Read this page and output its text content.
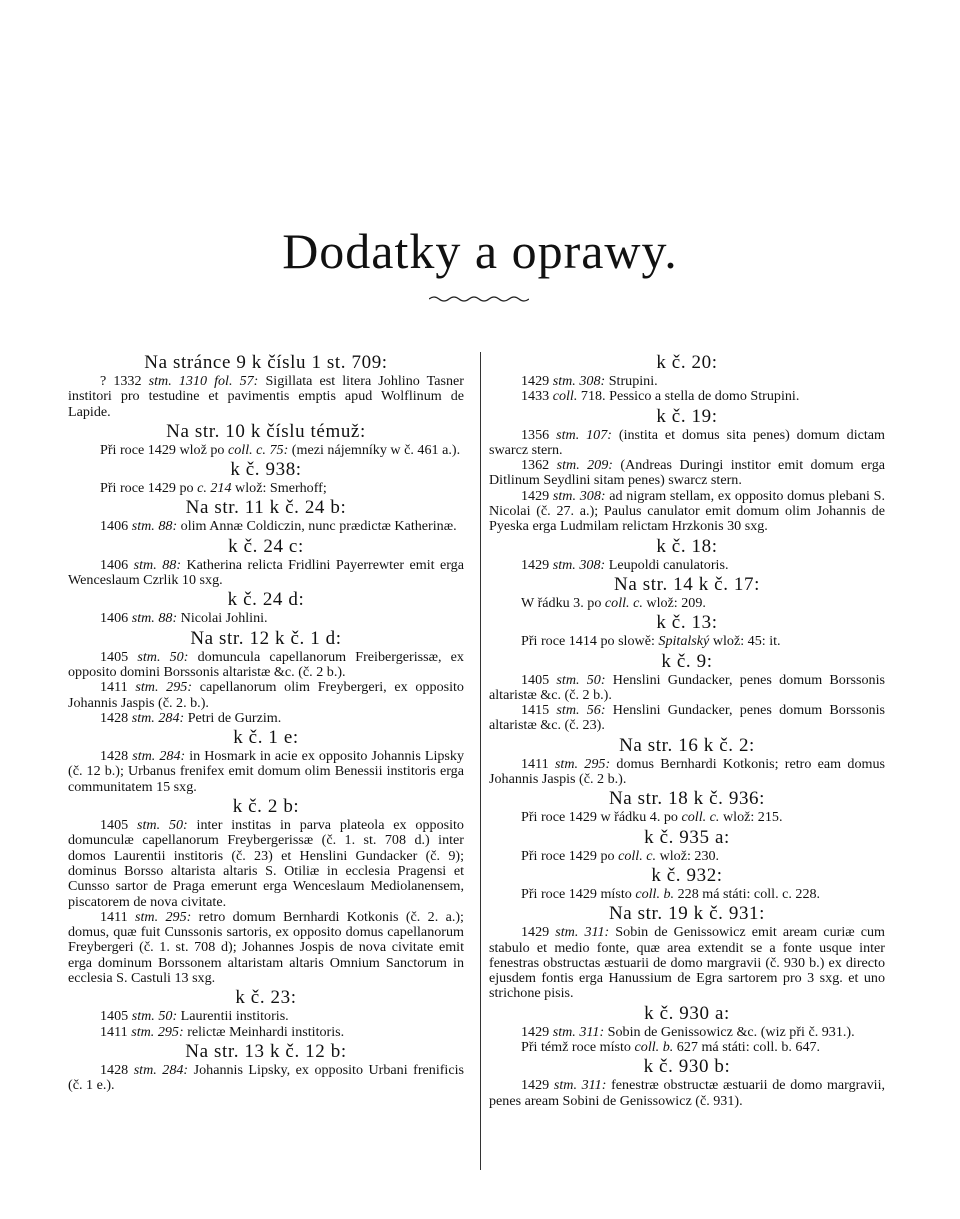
Dodatky a oprawy.
Na stránce 9 k číslu 1 st. 709:

? 1332 stm. 1310 fol. 57: Sigillata est litera Johlino Tasner institori pro testudine et pavimentis emptis apud Wolflinum de Lapide.

Na str. 10 k číslu témuž:

Při roce 1429 wlož po coll. c. 75: (mezi nájemníky w č. 461 a.).

k č. 938:

Při roce 1429 po c. 214 wlož: Smerhoff;

Na str. 11 k č. 24 b:

1406 stm. 88: olim Annæ Coldiczin, nunc prædictæ Katherinæ.

k č. 24 c:

1406 stm. 88: Katherina relicta Fridlini Payerrewter emit erga Wenceslaum Czrlik 10 sxg.

k č. 24 d:

1406 stm. 88: Nicolai Johlini.

Na str. 12 k č. 1 d:

1405 stm. 50: domuncula capellanorum Freibergerissæ, ex opposito domini Borssonis altaristæ &c. (č. 2 b.).

1411 stm. 295: capellanorum olim Freybergeri, ex opposito Johannis Jaspis (č. 2. b.).

1428 stm. 284: Petri de Gurzim.

k č. 1 e:

1428 stm. 284: in Hosmark in acie ex opposito Johannis Lipsky (č. 12 b.); Urbanus frenifex emit domum olim Benessii institoris erga communitatem 15 sxg.

k č. 2 b:

1405 stm. 50: inter institas in parva plateola ex opposito domunculæ capellanorum Freybergerissæ (č. 1. st. 708 d.) inter domos Laurentii institoris (č. 23) et Henslini Gundacker (č. 9); dominus Borsso altarista altaris S. Otiliæ in ecclesia Pragensi et Cunsso sartor de Praga emerunt erga Wenceslaum Mediolanensem, piscatorem de nova civitate.

1411 stm. 295: retro domum Bernhardi Kotkonis (č. 2. a.); domus, quæ fuit Cunssonis sartoris, ex opposito domus capellanorum Freybergeri (č. 1. st. 708 d); Johannes Jospis de nova civitate emit erga dominum Borssonem altaristam altaris Omnium Sanctorum in ecclesia S. Castuli 13 sxg.

k č. 23:

1405 stm. 50: Laurentii institoris.

1411 stm. 295: relictæ Meinhardi institoris.

Na str. 13 k č. 12 b:

1428 stm. 284: Johannis Lipsky, ex opposito Urbani frenificis (č. 1 e.).

k č. 20:

1429 stm. 308: Strupini.

1433 coll. 718. Pessico a stella de domo Strupini.

k č. 19:

1356 stm. 107: (instita et domus sita penes) domum dictam swarcz stern.

1362 stm. 209: (Andreas Duringi institor emit domum erga Ditlinum Seydlini sitam penes) swarcz stern.

1429 stm. 308: ad nigram stellam, ex opposito domus plebani S. Nicolai (č. 27. a.); Paulus canulator emit domum olim Johannis de Pyeska erga Ludmilam relictam Hrzkonis 30 sxg.

k č. 18:

1429 stm. 308: Leupoldi canulatoris.

Na str. 14 k č. 17:

W řádku 3. po coll. c. wlož: 209.

k č. 13:

Při roce 1414 po slowě: Spitalský wlož: 45: it.

k č. 9:

1405 stm. 50: Henslini Gundacker, penes domum Borssonis altaristæ &c. (č. 2 b.).

1415 stm. 56: Henslini Gundacker, penes domum Borssonis altaristæ &c. (č. 23).

Na str. 16 k č. 2:

1411 stm. 295: domus Bernhardi Kotkonis; retro eam domus Johannis Jaspis (č. 2 b.).

Na str. 18 k č. 936:

Při roce 1429 w řádku 4. po coll. c. wlož: 215.

k č. 935 a:

Při roce 1429 po coll. c. wlož: 230.

k č. 932:

Při roce 1429 místo coll. b. 228 má státi: coll. c. 228.

Na str. 19 k č. 931:

1429 stm. 311: Sobin de Genissowicz emit aream curiæ cum stabulo et medio fonte, quæ area extendit se a fonte usque inter fenestras obstructas æstuarii de domo margravii (č. 930 b.) ex directo ejusdem fontis erga Hanussium de Egra sartorem pro 3 sxg. et uno strichone pisis.

k č. 930 a:

1429 stm. 311: Sobin de Genissowicz &c. (wiz při č. 931.).

Při témž roce místo coll. b. 627 má státi: coll. b. 647.

k č. 930 b:

1429 stm. 311: fenestræ obstructæ æstuarii de domo margravii, penes aream Sobini de Genissowicz (č. 931).
